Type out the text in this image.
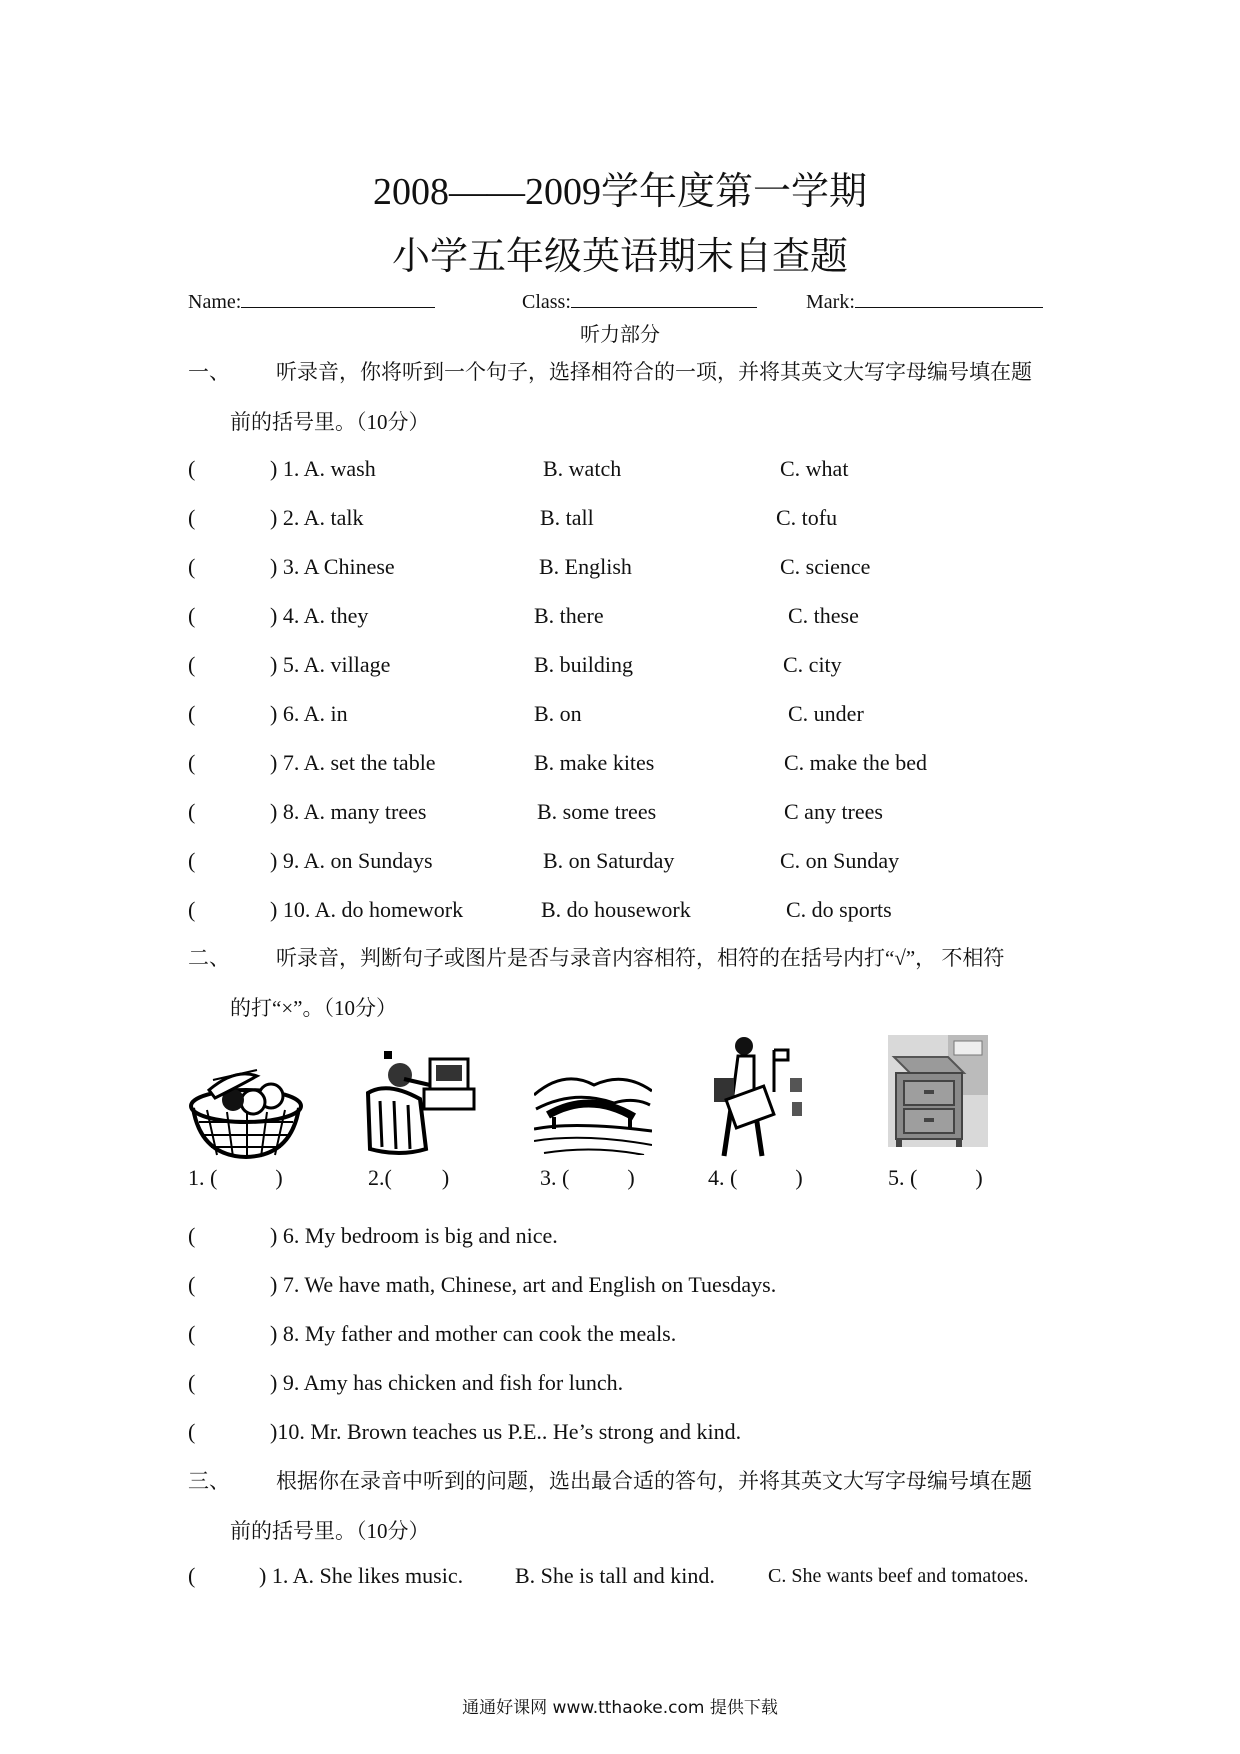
2008——2009学年度第一学期
小学五年级英语期末自查题
Name:	Class:	Mark:
听力部分
一、 听录音，你将听到一个句子，选择相符合的一项，并将其英文大写字母编号填在题
前的括号里。（10分）
(	) 1. A. wash	B. watch	C. what
(	) 2. A. talk	B. tall	C. tofu
(	) 3. A Chinese	B. English	C. science
(	) 4. A. they	B. there	C. these
(	) 5. A. village	B. building	C. city
(	) 6. A. in	B. on	C. under
(	) 7. A. set the table	B. make kites	C. make the bed
(	) 8. A. many trees	B. some trees	C any trees
(	) 9. A. on Sundays	B. on Saturday	C. on Sunday
(	) 10. A. do homework	B. do housework	C. do sports
二、 听录音，判断句子或图片是否与录音内容相符，相符的在括号内打“√”， 不相符
的打“×”。（10分）
1. (	)	2.( )	3. (	)	4. (	)	5. (	)
(	) 6. My bedroom is big and nice.
(	) 7. We have math, Chinese, art and English on Tuesdays.
(	) 8. My father and mother can cook the meals.
(	) 9. Amy has chicken and fish for lunch.
(	)10. Mr. Brown teaches us P.E.. He’s strong and kind.
三、 根据你在录音中听到的问题，选出最合适的答句，并将其英文大写字母编号填在题
前的括号里。（10分）
(	) 1. A. She likes music. B. She is tall and kind.	C. She wants beef and tomatoes.
通通好课网 www.tthaoke.com 提供下载
